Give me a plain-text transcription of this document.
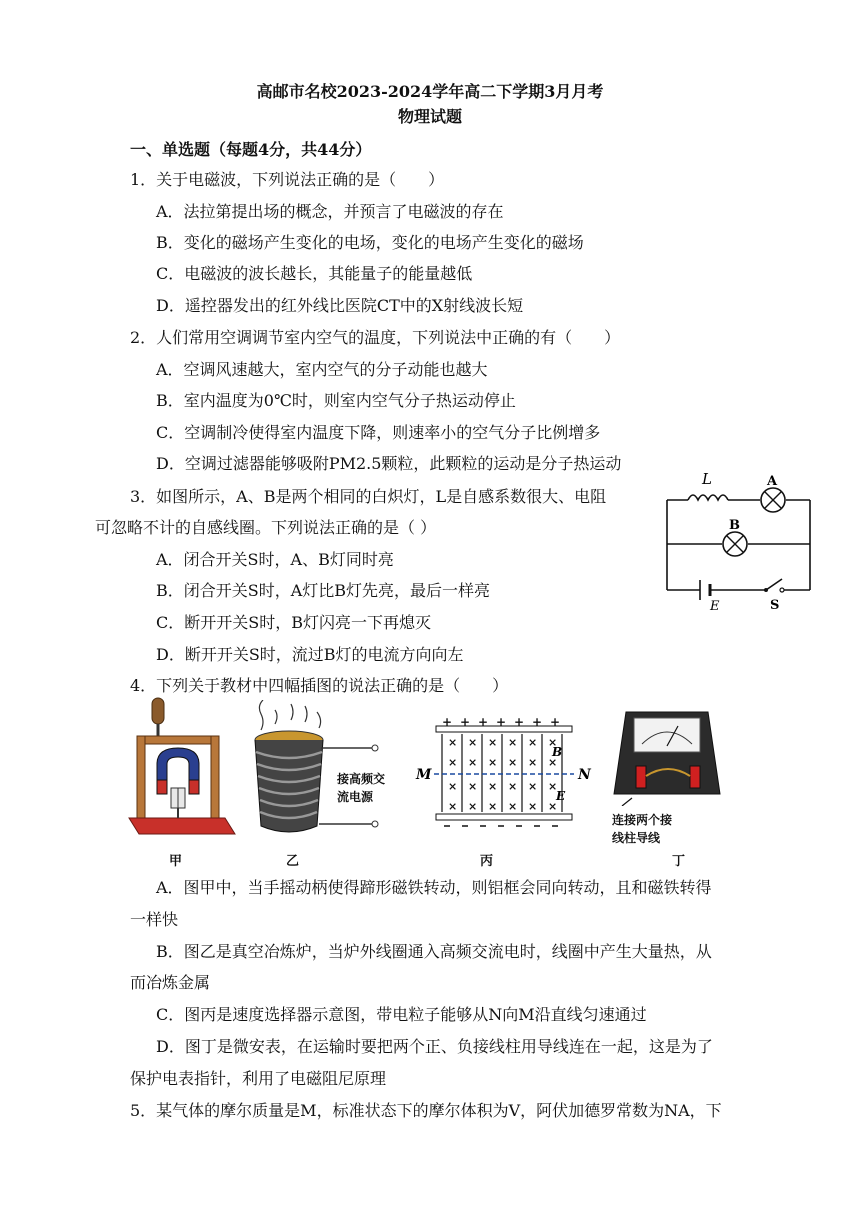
高邮市名校2023-2024学年高二下学期3月月考
物理试题
一、单选题（每题4分，共44分）
1．关于电磁波，下列说法正确的是（　　）
A．法拉第提出场的概念，并预言了电磁波的存在
B．变化的磁场产生变化的电场，变化的电场产生变化的磁场
C．电磁波的波长越长，其能量子的能量越低
D．遥控器发出的红外线比医院CT中的X射线波长短
2．人们常用空调调节室内空气的温度，下列说法中正确的有（　　）
A．空调风速越大，室内空气的分子动能也越大
B．室内温度为0℃时，则室内空气分子热运动停止
C．空调制冷使得室内温度下降，则速率小的空气分子比例增多
D．空调过滤器能够吸附PM2.5颗粒，此颗粒的运动是分子热运动
3．如图所示，A、B是两个相同的白炽灯，L是自感系数很大、电阻
可忽略不计的自感线圈。下列说法正确的是（ ）
A．闭合开关S时，A、B灯同时亮
B．闭合开关S时，A灯比B灯先亮，最后一样亮
C．断开开关S时，B灯闪亮一下再熄灭
D．断开开关S时，流过B灯的电流方向向左
L	A
B
E	S
4．下列关于教材中四幅插图的说法正确的是（　　）
甲
接高频交
流电源
乙
+ + + + + + +
× × × × × ×
× × × × × ×
× × × × × ×
× × × × × ×
M	N
B
E
丙
连接两个接
线柱导线
丁
A．图甲中，当手摇动柄使得蹄形磁铁转动，则铝框会同向转动，且和磁铁转得
一样快
B．图乙是真空冶炼炉，当炉外线圈通入高频交流电时，线圈中产生大量热，从
而冶炼金属
C．图丙是速度选择器示意图，带电粒子能够从N向M沿直线匀速通过
D．图丁是微安表，在运输时要把两个正、负接线柱用导线连在一起，这是为了
保护电表指针，利用了电磁阻尼原理
5．某气体的摩尔质量是M，标准状态下的摩尔体积为V，阿伏加德罗常数为NA，下
